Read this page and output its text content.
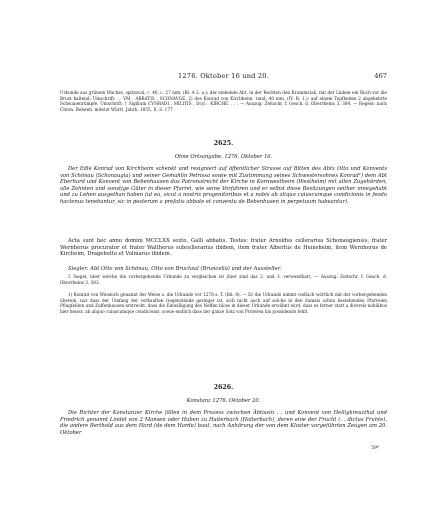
1276. Oktober 16 und 20.	467
Urkunde aus grünem Wachse, spitzoval, c. 40, c. 27 mm, (Bl. A 2. a.): der stehende Abt, in der Rechten den Krummstab, mit der Linken ein Buch vor die Brust haltend; Umschrift: ... VM . ABBATIS . SCONAVGE. 2) des Konrad von Kirchheim, rund, 40 mm, (IV. B. 1.): auf einem Topfhelme 2 abgekehrte Schwanenrümpfe, Umschrift: † Sigillum CVNRADI . MILITIS . Dcyi . KIRCHE. . . . — Auszug: Zeitschr. f. Gesch. d. Oberrheins 3, 384. — Regest: nach Chron. Bebenh. mitetzt Württ. Jahrb. 1855, II, S. 177.
2625.
Ohne Ortsangabe. 1276. Oktober 16.
Der Edle Konrad von Kirchheim schenkt und resigniert auf öffentlicher Strasse auf Bitten des Abts Otto und Konvents von Schönau (Schonaugia) und seiner Gemahlin Petrissa sowie mit Zustimmung seines Schwestersohnes Konrad¹) dem Abt Eberhard und Konvent von Bebenhausen das Patronatrecht der Kirche in Kornwestheim (Westheim) mit allen Zugehörden, alle Zehnten und sonstige Güter in dieser Pfarrei, wie seine Vorfahren und er selbst diese Besitzungen seither innegehabt und zu Lehen ausgethan haben (ut ea, sicut a nostris progenitoribus et a nobis ab aliquo cuiuscumque condicionis in feodo hactenus tenebantur, sic in posterum a prefatis abbate et conventu de Bebenhusen in perpetuum habeantur).
Acta sunt hec anno domini MCCLXX sexto, Galli abbatis. Testes: frater Arnoldus cellerarius Schonaugiensis, frater Wernherus procurator et frater Waltherus subcellerarius ibidem, item frater Albertus de Heinsheim, item Wernherus de Kircheim, Dragebotto et Volmarus ibidem.
Siegler: Abt Otto von Schönau, Otto von Bruchsal (Bruncella) und der Aussteller.
2 Siegel, über welche die vorhergehende Urkunde zu vergleichen ist (hier sind das 2. und 3. verwendbar). — Auszug: Zeitschr. f. Gesch. d. Oberrheins 3, 383.
1) Konrad von Wiesloch genannt der Weise s. die Urkunde vor 1278 s. T. (Bd. 8). — Er die Urkunde nimmt vielfach wörtlich mit der vorhergehenden überein, nur dass der Umfang der verkauften Gegenstände geringer ist, sich nicht auch auf solche in den damals schon bestehenden Pfarreien Pflugfelden und Zuffenhausen erstreckt, dass die Einwilligung des Neffen bloss in dieser Urkunde erwähnt wird, dass es ferner statt a diversis nobilibus hier heisst: ab aliquo cuiuscumque condicionis, sowie endlich dass der ganze Satz von Proterea his possidendo fehlt.
2626.
Konstanz 1276. Oktober 20.
Die Richter der Konstanzer Kirche fällen in dem Prozess zwischen Äbtissin . . und Konvent von Heiligkreuzthal und Friedrich genannt Lindel von 2 Mansen oder Huben zu Haiterbach (Haiterbach), deren eine der Frucht (. . dictus Fruhte), die andere Berthold aus dem Hard (de dem Harde) baut, nach Anhörung der von dem Kloster vorgeführten Zeugen am 20. Oktober
59*
